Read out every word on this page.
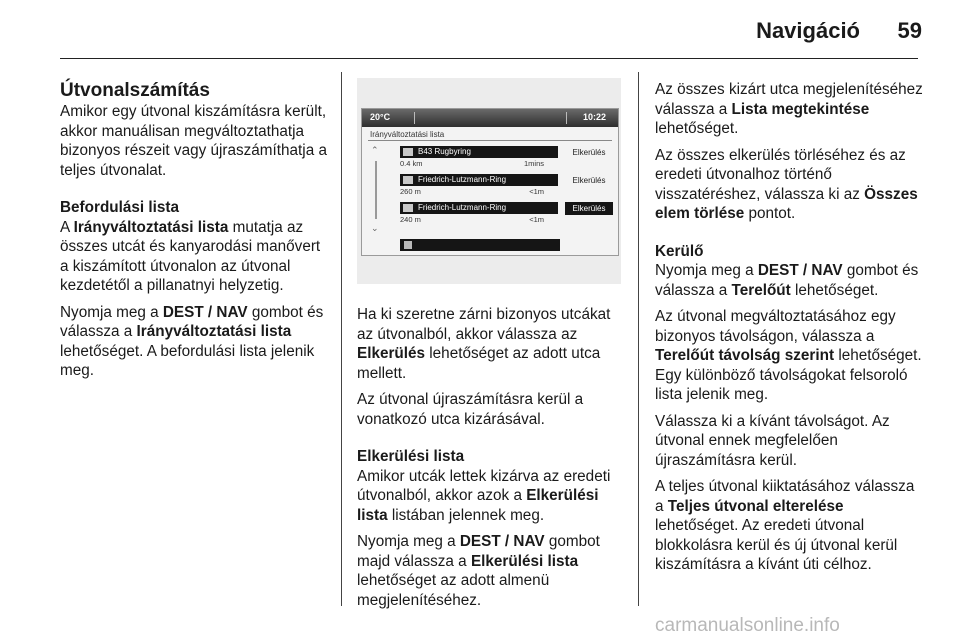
Navigáció	59
Útvonalszámítás

Amikor egy útvonal kiszámításra került, akkor manuálisan megváltoztathatja bizonyos részeit vagy újraszámíthatja a teljes útvonalat.

Befordulási lista

A Irányváltoztatási lista mutatja az összes utcát és kanyarodási manővert a kiszámított útvonalon az útvonal kezdetétől a pillanatnyi helyzetig.

Nyomja meg a DEST / NAV gombot és válassza a Irányváltoztatási lista lehetőséget. A befordulási lista jelenik meg.

20°C	10:22
Irányváltoztatási lista
⌃
⌄
B43 Rugbyring
0.4 km	1mins
Elkerülés
Friedrich-Lutzmann-Ring
260 m	<1m
Elkerülés
Friedrich-Lutzmann-Ring
240 m	<1m
Elkerülés

Ha ki szeretne zárni bizonyos utcákat az útvonalból, akkor válassza az Elkerülés lehetőséget az adott utca mellett.

Az útvonal újraszámításra kerül a vonatkozó utca kizárásával.

Elkerülési lista

Amikor utcák lettek kizárva az eredeti útvonalból, akkor azok a Elkerülési lista listában jelennek meg.

Nyomja meg a DEST / NAV gombot majd válassza a Elkerülési lista lehetőséget az adott almenü megjelenítéséhez.

Az összes kizárt utca megjelenítéséhez válassza a Lista megtekintése lehetőséget.

Az összes elkerülés törléséhez és az eredeti útvonalhoz történő visszatéréshez, válassza ki az Összes elem törlése pontot.

Kerülő

Nyomja meg a DEST / NAV gombot és válassza a Terelőút lehetőséget.

Az útvonal megváltoztatásához egy bizonyos távolságon, válassza a Terelőút távolság szerint lehetőséget. Egy különböző távolságokat felsoroló lista jelenik meg.

Válassza ki a kívánt távolságot. Az útvonal ennek megfelelően újraszámításra kerül.

A teljes útvonal kiiktatásához válassza a Teljes útvonal elterelése lehetőséget. Az eredeti útvonal blokkolásra kerül és új útvonal kerül kiszámításra a kívánt úti célhoz.

carmanualsonline.info
